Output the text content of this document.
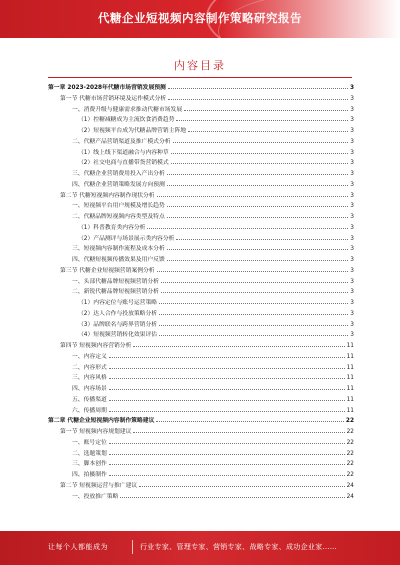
代糖企业短视频内容制作策略研究报告
内容目录
第一章 2023-2028年代糖市场营销发展预测	3
第一节 代糖市场营销环境及运作模式分析	3
一、消费升级与健康需求推动代糖市场发展	3
（1）控糖减糖成为主流饮食消费趋势	3
（2）短视频平台成为代糖品牌营销主阵地	3
二、代糖产品营销渠道及推广模式分析	3
（1）线上线下渠道融合与内容种草	3
（2）社交电商与直播带货营销模式	3
三、代糖企业营销费用投入产出分析	3
四、代糖企业营销策略发展方向预测	3
第二节 代糖短视频内容制作现状分析	3
一、短视频平台用户规模及增长趋势	3
二、代糖品牌短视频内容类型及特点	3
（1）科普教育类内容分析	3
（2）产品测评与场景展示类内容分析	3
三、短视频内容制作流程及成本分析	3
四、代糖短视频传播效果及用户反馈	3
第三节 代糖企业短视频营销案例分析	3
一、头部代糖品牌短视频营销分析	3
二、新锐代糖品牌短视频营销分析	3
（1）内容定位与账号运营策略	3
（2）达人合作与投放策略分析	3
（3）品牌联名与跨界营销分析	3
（4）短视频营销转化效果评估	3
第四节 短视频内容营销分析	11
一、内容定义	11
二、内容形式	11
三、内容风格	11
四、内容场景	11
五、传播渠道	11
六、传播周期	11
第二章 代糖企业短视频内容制作策略建议	22
第一节 短视频内容规划建议	22
一、账号定位	22
二、选题策划	22
三、脚本创作	22
四、拍摄制作	22
第二节 短视频运营与推广建议	24
一、投放推广策略	24
让每个人都能成为	行业专家、管理专家、营销专家、战略专家、成功企业家……
